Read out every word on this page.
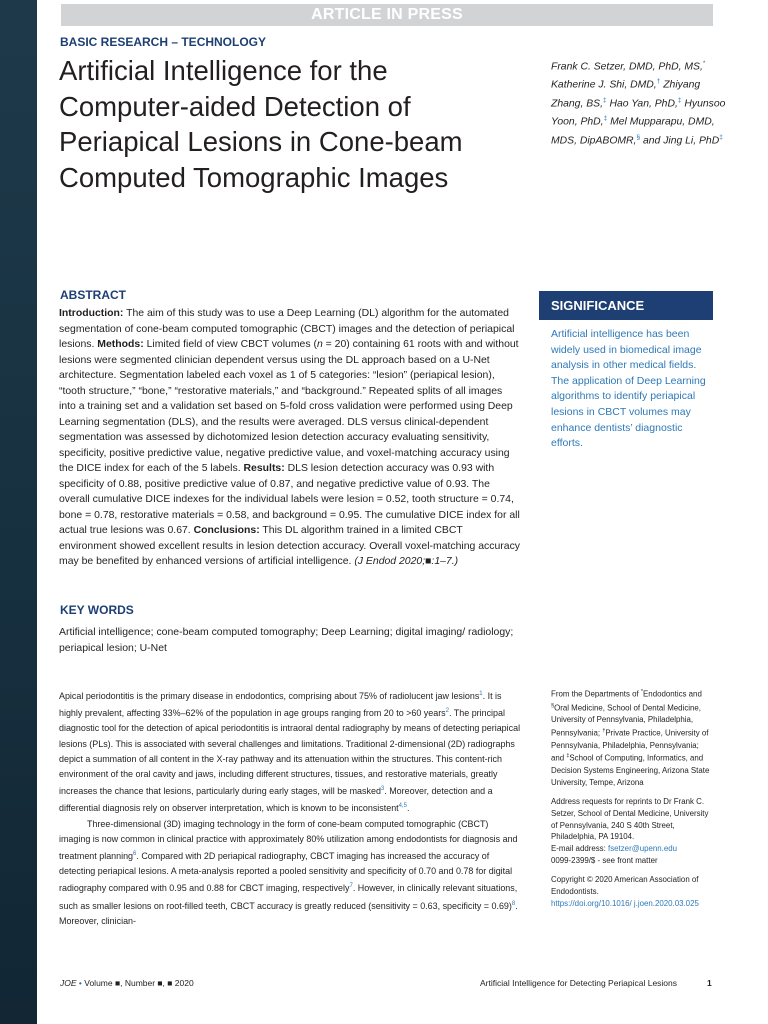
ARTICLE IN PRESS
BASIC RESEARCH – TECHNOLOGY
Artificial Intelligence for the Computer-aided Detection of Periapical Lesions in Cone-beam Computed Tomographic Images
Frank C. Setzer, DMD, PhD, MS,* Katherine J. Shi, DMD,† Zhiyang Zhang, BS,‡ Hao Yan, PhD,‡ Hyunsoo Yoon, PhD,‡ Mel Mupparapu, DMD, MDS, DipABOMR,§ and Jing Li, PhD‡
ABSTRACT
Introduction: The aim of this study was to use a Deep Learning (DL) algorithm for the automated segmentation of cone-beam computed tomographic (CBCT) images and the detection of periapical lesions. Methods: Limited field of view CBCT volumes (n = 20) containing 61 roots with and without lesions were segmented clinician dependent versus using the DL approach based on a U-Net architecture. Segmentation labeled each voxel as 1 of 5 categories: “lesion” (periapical lesion), “tooth structure,” “bone,” “restorative materials,” and “background.” Repeated splits of all images into a training set and a validation set based on 5-fold cross validation were performed using Deep Learning segmentation (DLS), and the results were averaged. DLS versus clinical-dependent segmentation was assessed by dichotomized lesion detection accuracy evaluating sensitivity, specificity, positive predictive value, negative predictive value, and voxel-matching accuracy using the DICE index for each of the 5 labels. Results: DLS lesion detection accuracy was 0.93 with specificity of 0.88, positive predictive value of 0.87, and negative predictive value of 0.93. The overall cumulative DICE indexes for the individual labels were lesion = 0.52, tooth structure = 0.74, bone = 0.78, restorative materials = 0.58, and background = 0.95. The cumulative DICE index for all actual true lesions was 0.67. Conclusions: This DL algorithm trained in a limited CBCT environment showed excellent results in lesion detection accuracy. Overall voxel-matching accuracy may be benefited by enhanced versions of artificial intelligence. (J Endod 2020;■:1–7.)
SIGNIFICANCE
Artificial intelligence has been widely used in biomedical image analysis in other medical fields. The application of Deep Learning algorithms to identify periapical lesions in CBCT volumes may enhance dentists’ diagnostic efforts.
KEY WORDS
Artificial intelligence; cone-beam computed tomography; Deep Learning; digital imaging/ radiology; periapical lesion; U-Net

Apical periodontitis is the primary disease in endodontics, comprising about 75% of radiolucent jaw lesions$^1$. It is highly prevalent, affecting 33%–62% of the population in age groups ranging from 20 to >60 years$^2$. The principal diagnostic tool for the detection of apical periodontitis is intraoral dental radiography by means of detecting periapical lesions (PLs). This is associated with several challenges and limitations. Traditional 2-dimensional (2D) radiographs depict a summation of all content in the X-ray pathway and its attenuation within the structures. This content-rich environment of the oral cavity and jaws, including different structures, tissues, and restorative materials, greatly increases the chance that lesions, particularly during early stages, will be masked$^3$. Moreover, detection and a differential diagnosis rely on observer interpretation, which is known to be inconsistent$^{4,5}$.

Three-dimensional (3D) imaging technology in the form of cone-beam computed tomographic (CBCT) imaging is now common in clinical practice with approximately 80% utilization among endodontists for diagnosis and treatment planning$^6$. Compared with 2D periapical radiography, CBCT imaging has increased the accuracy of detecting periapical lesions. A meta-analysis reported a pooled sensitivity and specificity of 0.70 and 0.78 for digital radiography compared with 0.95 and 0.88 for CBCT imaging, respectively$^7$. However, in clinically relevant situations, such as smaller lesions on root-filled teeth, CBCT accuracy is greatly reduced (sensitivity = 0.63, specificity = 0.69)$^8$. Moreover, clinician-

From the Departments of *Endodontics and §Oral Medicine, School of Dental Medicine, University of Pennsylvania, Philadelphia, Pennsylvania; †Private Practice, University of Pennsylvania, Philadelphia, Pennsylvania; and ‡School of Computing, Informatics, and Decision Systems Engineering, Arizona State University, Tempe, Arizona
Address requests for reprints to Dr Frank C. Setzer, School of Dental Medicine, University of Pennsylvania, 240 S 40th Street, Philadelphia, PA 19104.
E-mail address: fsetzer@upenn.edu
0099-2399/$ - see front matter
Copyright © 2020 American Association of Endodontists.
https://doi.org/10.1016/ j.joen.2020.03.025
JOE • Volume ■, Number ■, ■ 2020	Artificial Intelligence for Detecting Periapical Lesions	1
